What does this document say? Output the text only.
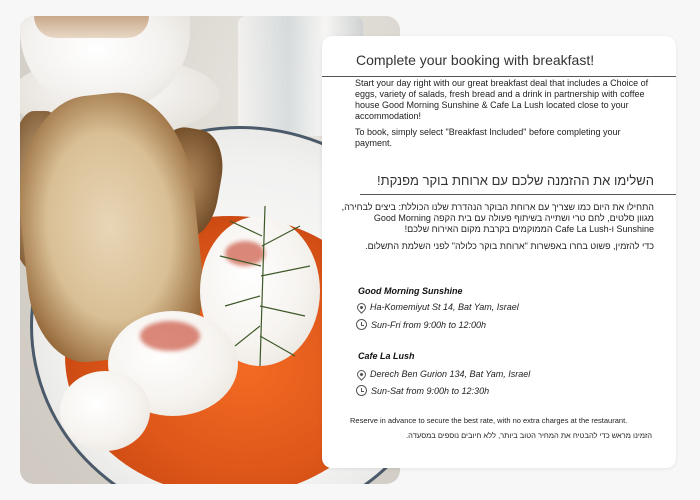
Complete your booking with breakfast!
Start your day right with our great breakfast deal that includes a Choice of eggs, variety of salads, fresh bread and a drink in partnership with coffee house Good Morning Sunshine & Cafe La Lush located close to your accommodation!
To book, simply select "Breakfast Included" before completing your payment.
השלימו את ההזמנה שלכם עם ארוחת בוקר מפנקת!
התחילו את היום כמו שצריך עם ארוחת הבוקר הנהדרת שלנו הכוללת: ביצים לבחירה, מגוון סלטים, לחם טרי ושתייה בשיתוף פעולה עם בית הקפה Good Morning Sunshine ו-Cafe La Lush הממוקמים בקרבת מקום האירוח שלכם!
כדי להזמין, פשוט בחרו באפשרות "ארוחת בוקר כלולה" לפני השלמת התשלום.
Good Morning Sunshine
Ha-Komemiyut St 14, Bat Yam, Israel
Sun-Fri from 9:00h to 12:00h
Cafe La Lush
Derech Ben Gurion 134, Bat Yam, Israel
Sun-Sat from 9:00h to 12:30h
Reserve in advance to secure the best rate, with no extra charges at the restaurant.
הזמינו מראש כדי להבטיח את המחיר הטוב ביותר, ללא חיובים נוספים במסעדה.
